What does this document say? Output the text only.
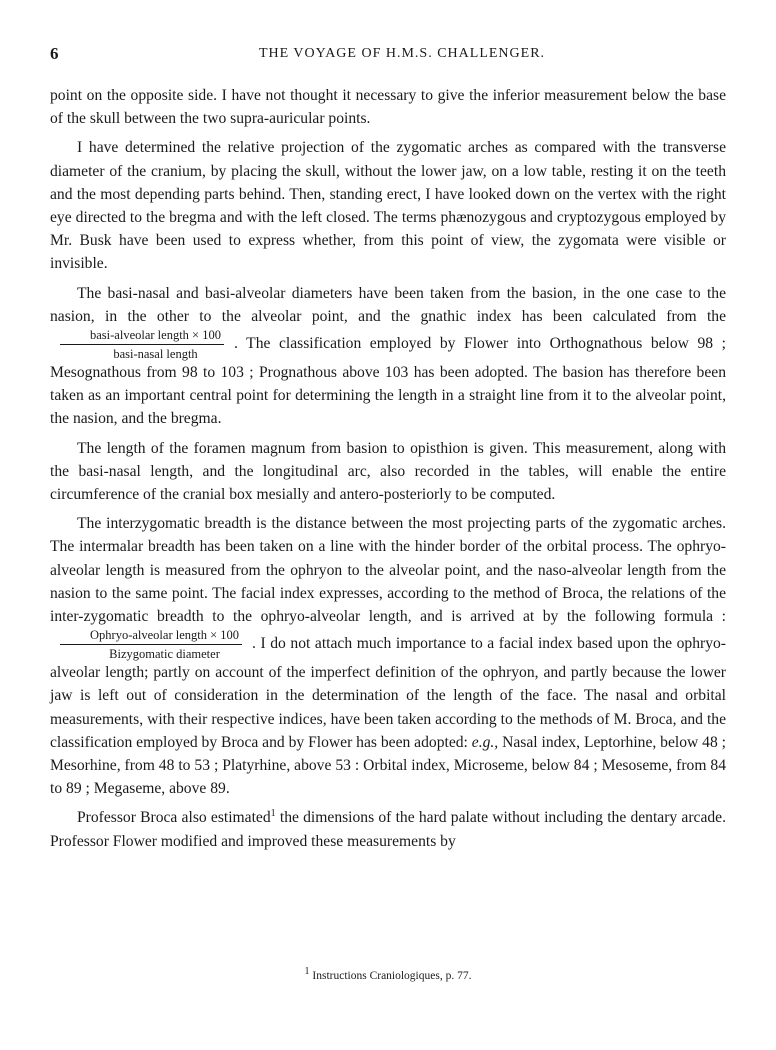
6	THE VOYAGE OF H.M.S. CHALLENGER.

point on the opposite side. I have not thought it necessary to give the inferior measurement below the base of the skull between the two supra-auricular points.

I have determined the relative projection of the zygomatic arches as compared with the transverse diameter of the cranium, by placing the skull, without the lower jaw, on a low table, resting it on the teeth and the most depending parts behind. Then, standing erect, I have looked down on the vertex with the right eye directed to the bregma and with the left closed. The terms phænozygous and cryptozygous employed by Mr. Busk have been used to express whether, from this point of view, the zygomata were visible or invisible.

The basi-nasal and basi-alveolar diameters have been taken from the basion, in the one case to the nasion, in the other to the alveolar point, and the gnathic index has been calculated from the
$\frac{\text{basi-alveolar length × 100}}{\text{basi-nasal length}}$ . The classification employed by Flower into Orthognathous below 98 ; Mesognathous from 98 to 103 ; Prognathous above 103 has been adopted. The basion has therefore been taken as an important central point for determining the length in a straight line from it to the alveolar point, the nasion, and the bregma.

The length of the foramen magnum from basion to opisthion is given. This measurement, along with the basi-nasal length, and the longitudinal arc, also recorded in the tables, will enable the entire circumference of the cranial box mesially and antero-posteriorly to be computed.

The interzygomatic breadth is the distance between the most projecting parts of the zygomatic arches. The intermalar breadth has been taken on a line with the hinder border of the orbital process. The ophryo-alveolar length is measured from the ophryon to the alveolar point, and the naso-alveolar length from the nasion to the same point. The facial index expresses, according to the method of Broca, the relations of the inter-zygomatic breadth to the ophryo-alveolar length, and is arrived at by the following formula :
$\frac{\text{Ophryo-alveolar length × 100}}{\text{Bizygomatic diameter}}$ . I do not attach much importance to a facial index based upon the ophryo-alveolar length; partly on account of the imperfect definition of the ophryon, and partly because the lower jaw is left out of consideration in the determination of the length of the face. The nasal and orbital measurements, with their respective indices, have been taken according to the methods of M. Broca, and the classification employed by Broca and by Flower has been adopted: e.g., Nasal index, Leptorhine, below 48 ; Mesorhine, from 48 to 53 ; Platyrhine, above 53 : Orbital index, Microseme, below 84 ; Mesoseme, from 84 to 89 ; Megaseme, above 89.

Professor Broca also estimated$^1$ the dimensions of the hard palate without including the dentary arcade. Professor Flower modified and improved these measurements by

$^1$ Instructions Craniologiques, p. 77.
